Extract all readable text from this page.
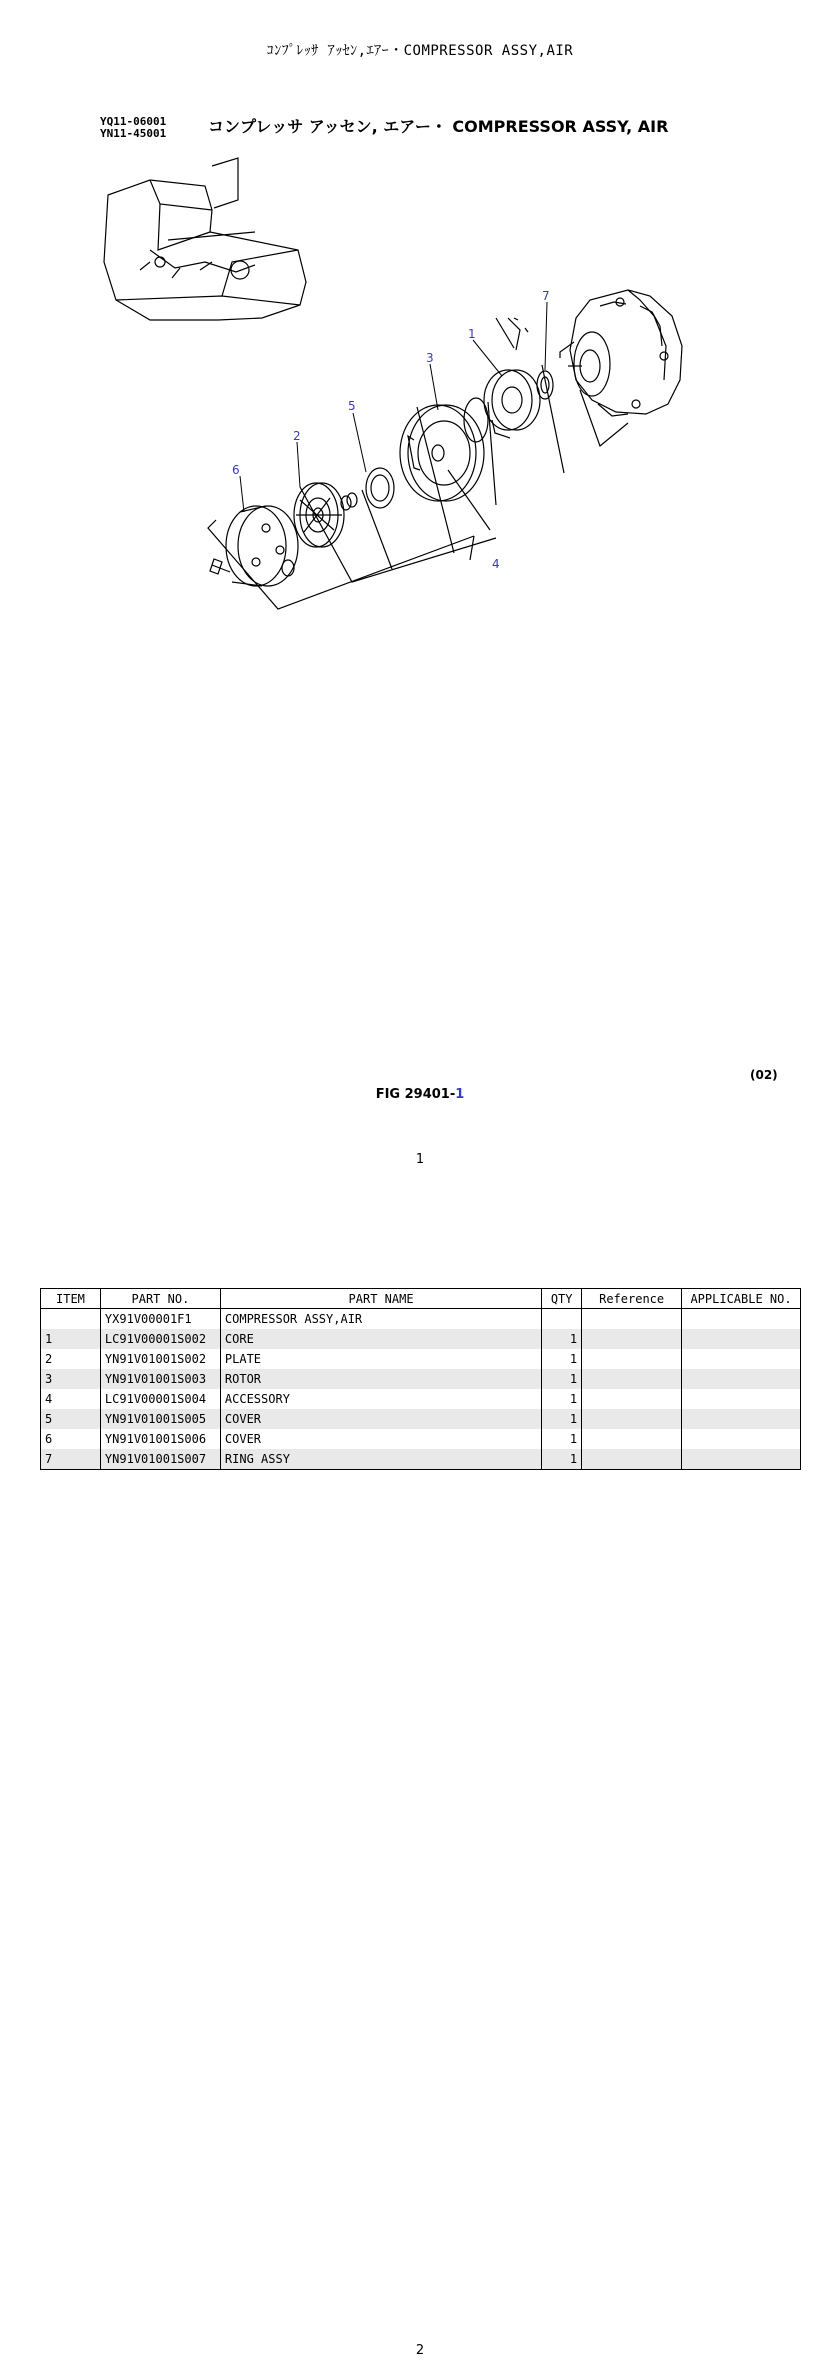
ｺﾝﾌﾟﾚｯｻ ｱｯｾﾝ,ｴｱｰ・COMPRESSOR ASSY,AIR
YQ11-06001
YN11-45001	コンプレッサ アッセン, エアー・ COMPRESSOR ASSY, AIR
1
2
3
4
5
6
7
(02)
FIG 29401-1
1
ITEM	PART NO.	PART NAME	QTY	Reference	APPLICABLE NO.
	YX91V00001F1	COMPRESSOR ASSY,AIR			
1	LC91V00001S002	CORE	1		
2	YN91V01001S002	PLATE	1		
3	YN91V01001S003	ROTOR	1		
4	LC91V00001S004	ACCESSORY	1		
5	YN91V01001S005	COVER	1		
6	YN91V01001S006	COVER	1		
7	YN91V01001S007	RING ASSY	1		
2
